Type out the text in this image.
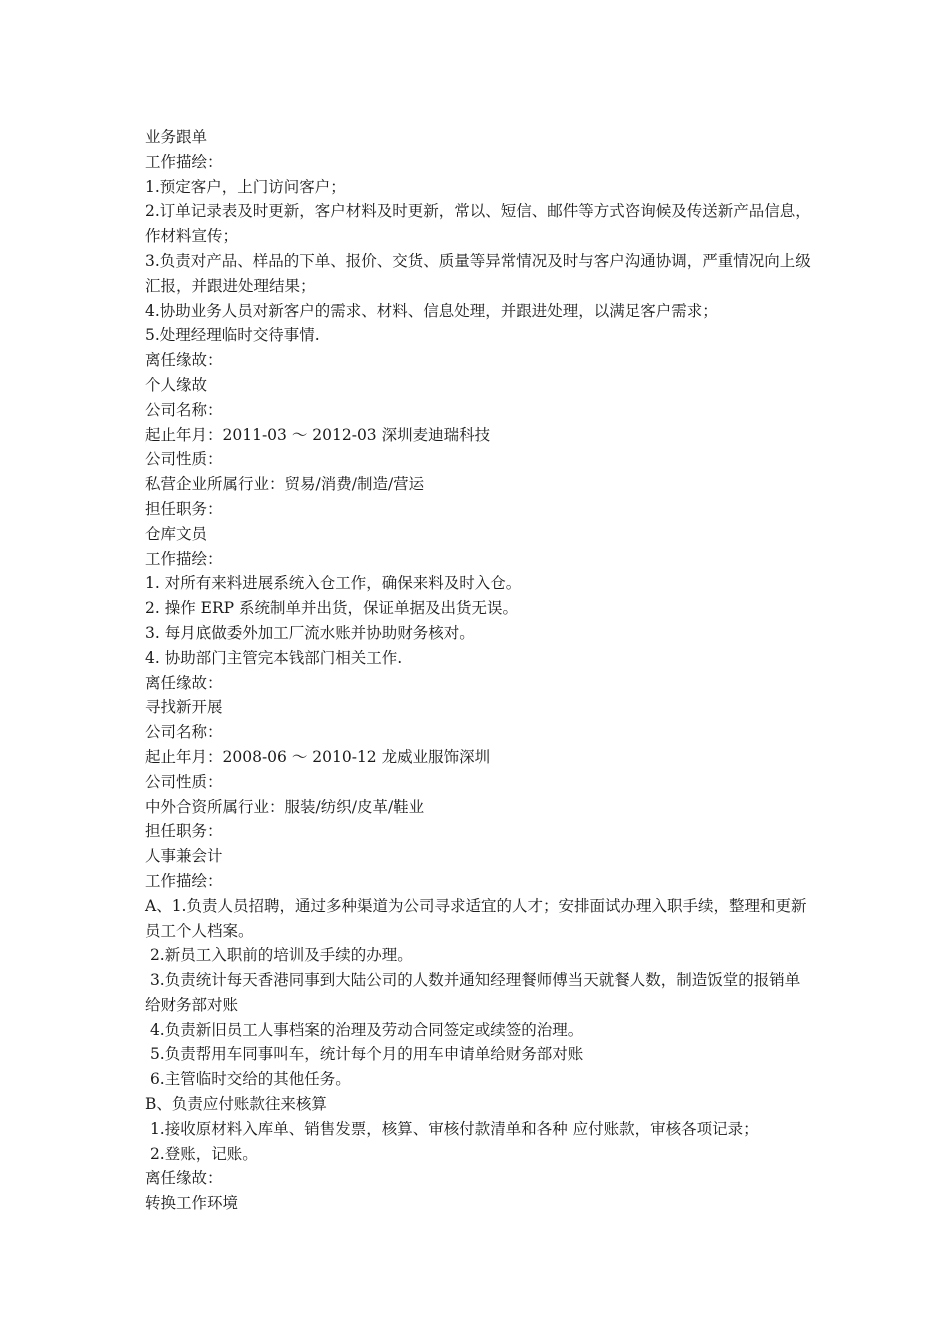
业务跟单

工作描绘：

1.预定客户，上门访问客户；

2.订单记录表及时更新，客户材料及时更新，常以、短信、邮件等方式咨询候及传送新产品信息，作材料宣传；

3.负责对产品、样品的下单、报价、交货、质量等异常情况及时与客户沟通协调，严重情况向上级汇报，并跟进处理结果；

4.协助业务人员对新客户的需求、材料、信息处理，并跟进处理，以满足客户需求；

5.处理经理临时交待事情.

离任缘故：

个人缘故

公司名称：

起止年月：2011-03 ～ 2012-03 深圳麦迪瑞科技

公司性质：

私营企业所属行业：贸易/消费/制造/营运

担任职务：

仓库文员

工作描绘：

1. 对所有来料进展系统入仓工作，确保来料及时入仓。

2. 操作 ERP 系统制单并出货，保证单据及出货无误。

3. 每月底做委外加工厂流水账并协助财务核对。

4. 协助部门主管完本钱部门相关工作.

离任缘故：

寻找新开展

公司名称：

起止年月：2008-06 ～ 2010-12 龙威业服饰深圳

公司性质：

中外合资所属行业：服装/纺织/皮革/鞋业

担任职务：

人事兼会计

工作描绘：

A、1.负责人员招聘，通过多种渠道为公司寻求适宜的人才；安排面试办理入职手续，整理和更新员工个人档案。

2.新员工入职前的培训及手续的办理。

3.负责统计每天香港同事到大陆公司的人数并通知经理餐师傅当天就餐人数，制造饭堂的报销单给财务部对账

4.负责新旧员工人事档案的治理及劳动合同签定或续签的治理。

5.负责帮用车同事叫车，统计每个月的用车申请单给财务部对账

6.主管临时交给的其他任务。

B、负责应付账款往来核算

1.接收原材料入库单、销售发票，核算、审核付款清单和各种 应付账款，审核各项记录；

2.登账，记账。

离任缘故：

转换工作环境
